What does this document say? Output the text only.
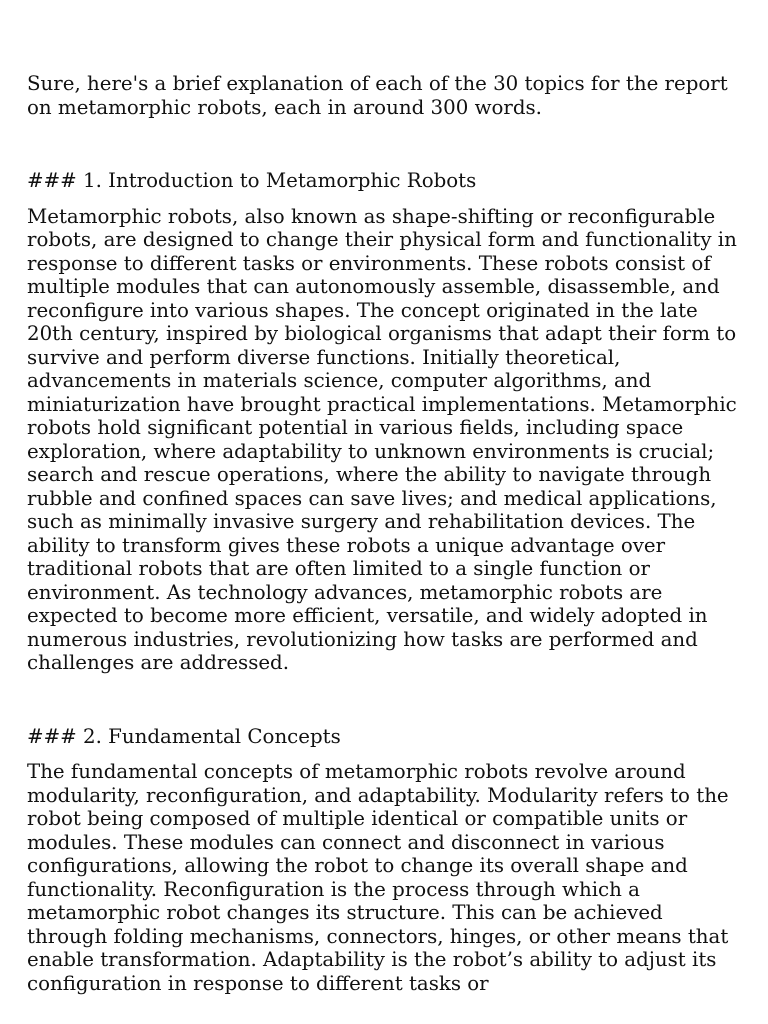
Sure, here's a brief explanation of each of the 30 topics for the report on metamorphic robots, each in around 300 words.

### 1. Introduction to Metamorphic Robots

Metamorphic robots, also known as shape-shifting or reconfigurable robots, are designed to change their physical form and functionality in response to different tasks or environments. These robots consist of multiple modules that can autonomously assemble, disassemble, and reconfigure into various shapes. The concept originated in the late 20th century, inspired by biological organisms that adapt their form to survive and perform diverse functions. Initially theoretical, advancements in materials science, computer algorithms, and miniaturization have brought practical implementations. Metamorphic robots hold significant potential in various fields, including space exploration, where adaptability to unknown environments is crucial; search and rescue operations, where the ability to navigate through rubble and confined spaces can save lives; and medical applications, such as minimally invasive surgery and rehabilitation devices. The ability to transform gives these robots a unique advantage over traditional robots that are often limited to a single function or environment. As technology advances, metamorphic robots are expected to become more efficient, versatile, and widely adopted in numerous industries, revolutionizing how tasks are performed and challenges are addressed.

### 2. Fundamental Concepts

The fundamental concepts of metamorphic robots revolve around modularity, reconfiguration, and adaptability. Modularity refers to the robot being composed of multiple identical or compatible units or modules. These modules can connect and disconnect in various configurations, allowing the robot to change its overall shape and functionality. Reconfiguration is the process through which a metamorphic robot changes its structure. This can be achieved through folding mechanisms, connectors, hinges, or other means that enable transformation. Adaptability is the robot’s ability to adjust its configuration in response to different tasks or
